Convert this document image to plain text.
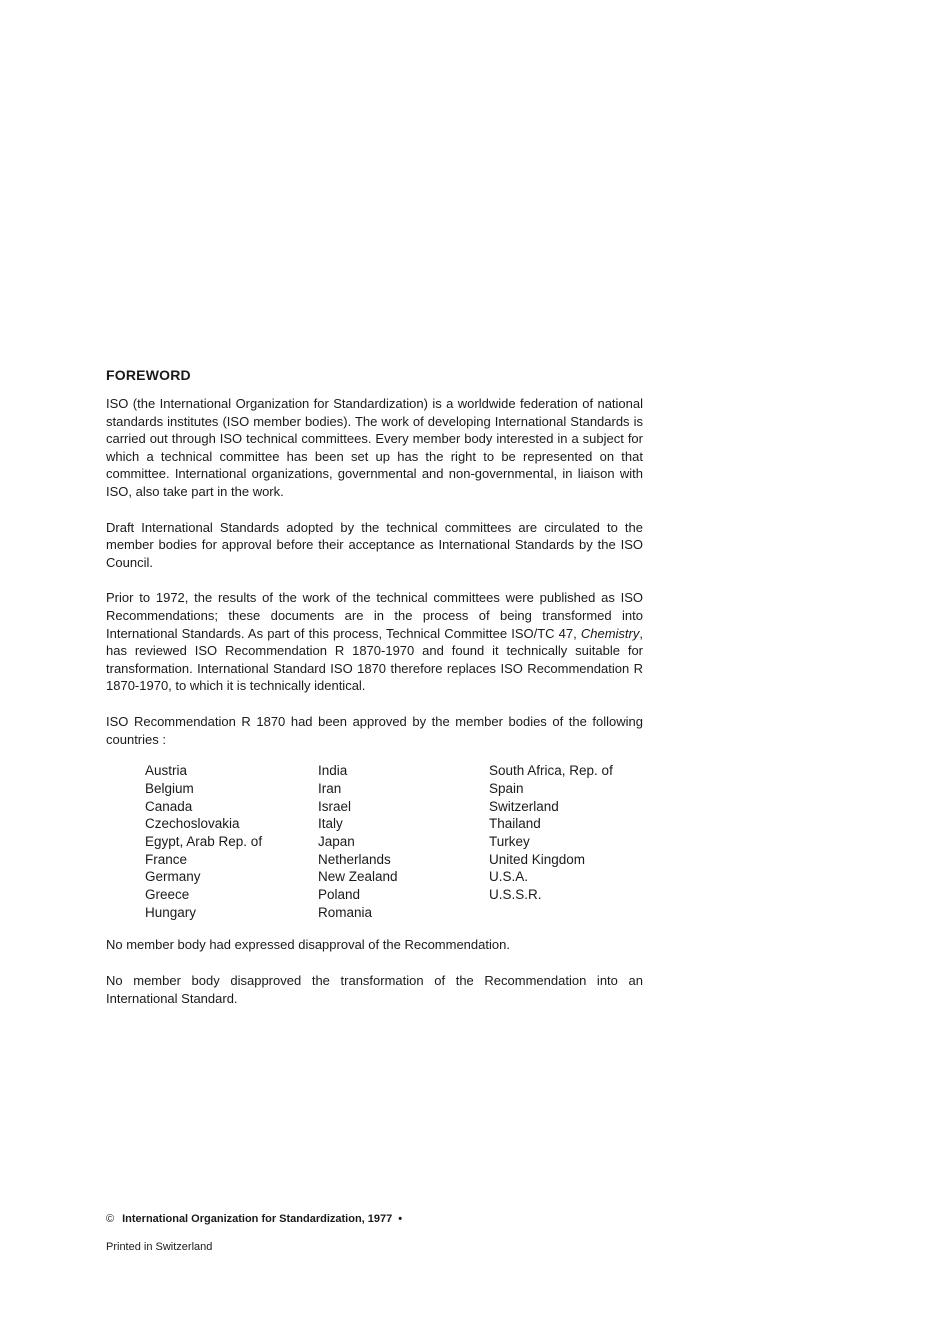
FOREWORD

ISO (the International Organization for Standardization) is a worldwide federation of national standards institutes (ISO member bodies). The work of developing International Standards is carried out through ISO technical committees. Every member body interested in a subject for which a technical committee has been set up has the right to be represented on that committee. International organizations, governmental and non-governmental, in liaison with ISO, also take part in the work.

Draft International Standards adopted by the technical committees are circulated to the member bodies for approval before their acceptance as International Standards by the ISO Council.

Prior to 1972, the results of the work of the technical committees were published as ISO Recommendations; these documents are in the process of being transformed into International Standards. As part of this process, Technical Committee ISO/TC 47, Chemistry, has reviewed ISO Recommendation R 1870-1970 and found it technically suitable for transformation. International Standard ISO 1870 therefore replaces ISO Recommendation R 1870-1970, to which it is technically identical.

ISO Recommendation R 1870 had been approved by the member bodies of the following countries :

Austria
Belgium
Canada
Czechoslovakia
Egypt, Arab Rep. of
France
Germany
Greece
Hungary
India
Iran
Israel
Italy
Japan
Netherlands
New Zealand
Poland
Romania
South Africa, Rep. of
Spain
Switzerland
Thailand
Turkey
United Kingdom
U.S.A.
U.S.S.R.

No member body had expressed disapproval of the Recommendation.

No member body disapproved the transformation of the Recommendation into an International Standard.

© International Organization for Standardization, 1977 •
Printed in Switzerland
